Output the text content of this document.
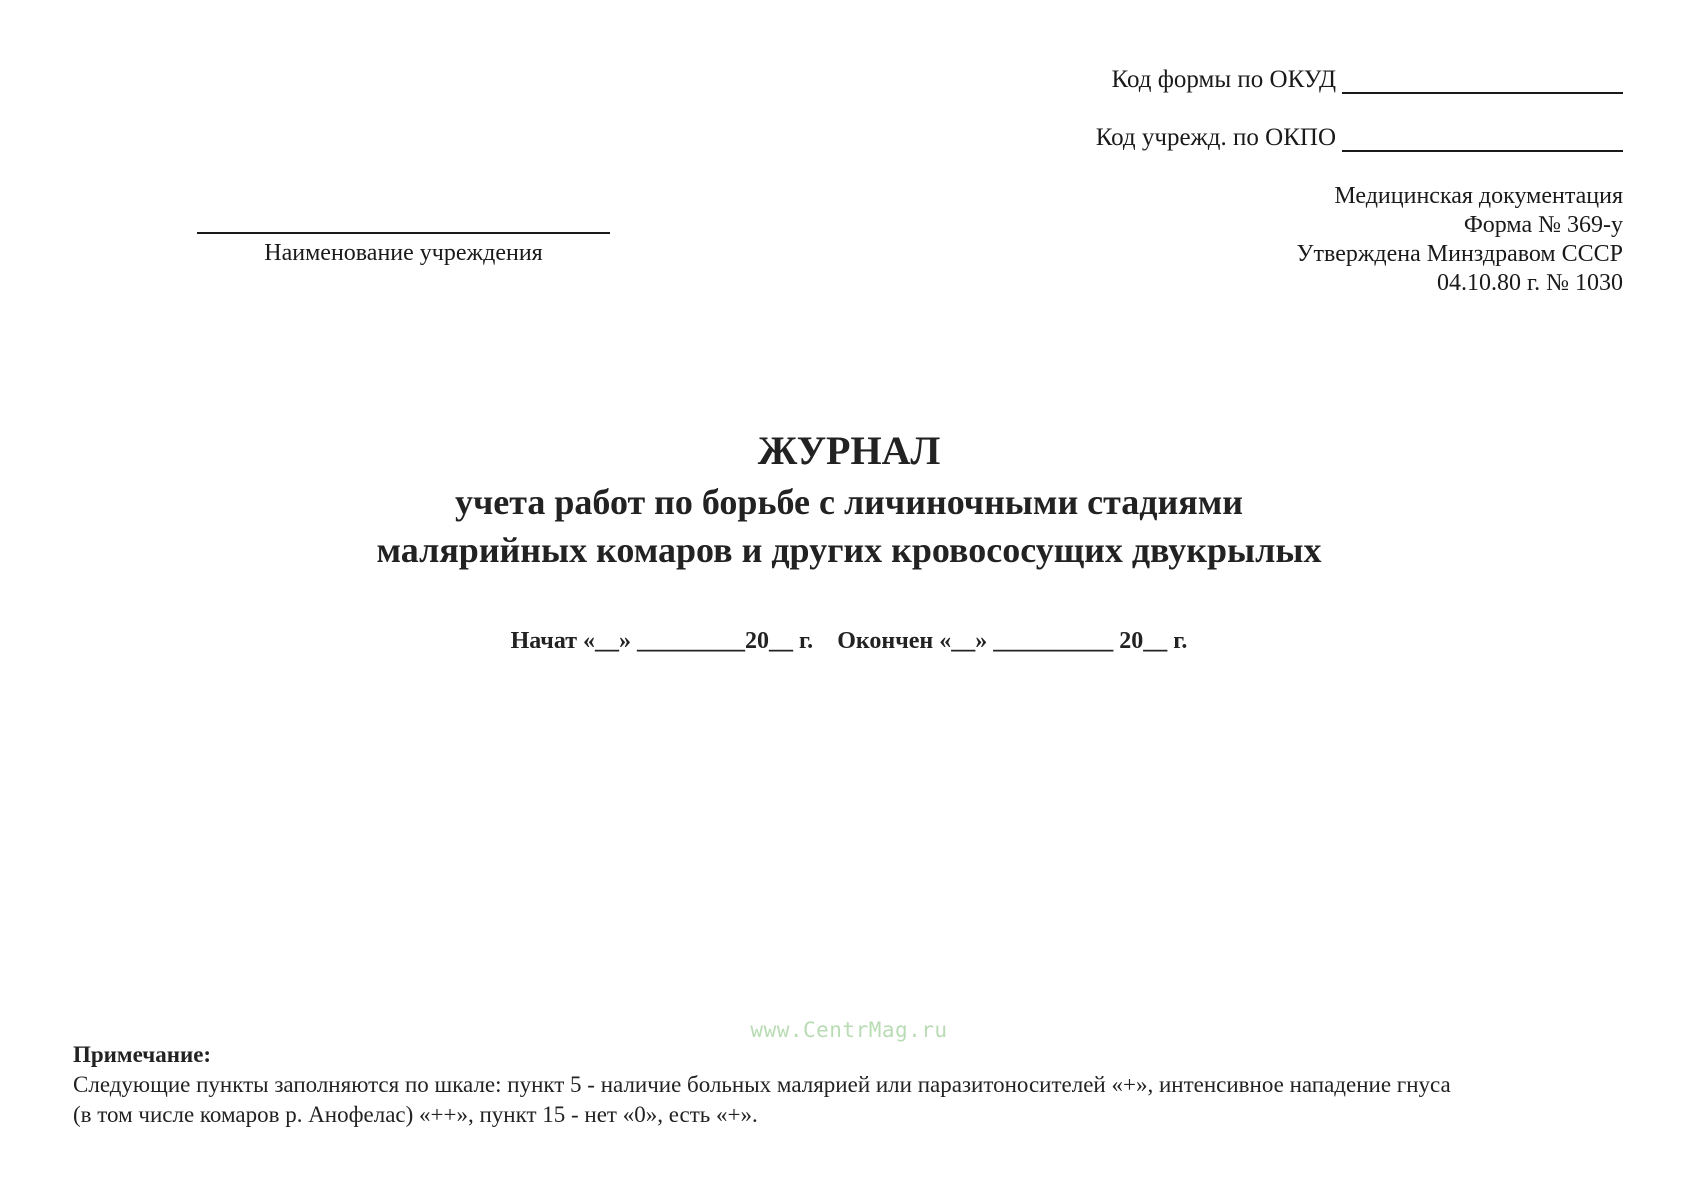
Код формы по ОКУД
Код учрежд. по ОКПО
Медицинская документация
Форма № 369-у
Утверждена Минздравом СССР
04.10.80 г. № 1030
Наименование учреждения
ЖУРНАЛ
учета работ по борьбе с личиночными стадиями
малярийных комаров и других кровососущих двукрылых
Начат «__» _________20__ г. Окончен «__» __________ 20__ г.
www.CentrMag.ru
Примечание:
Следующие пункты заполняются по шкале: пункт 5 - наличие больных малярией или паразитоносителей «+», интенсивное нападение гнуса
(в том числе комаров р. Анофелас) «++», пункт 15 - нет «0», есть «+».
